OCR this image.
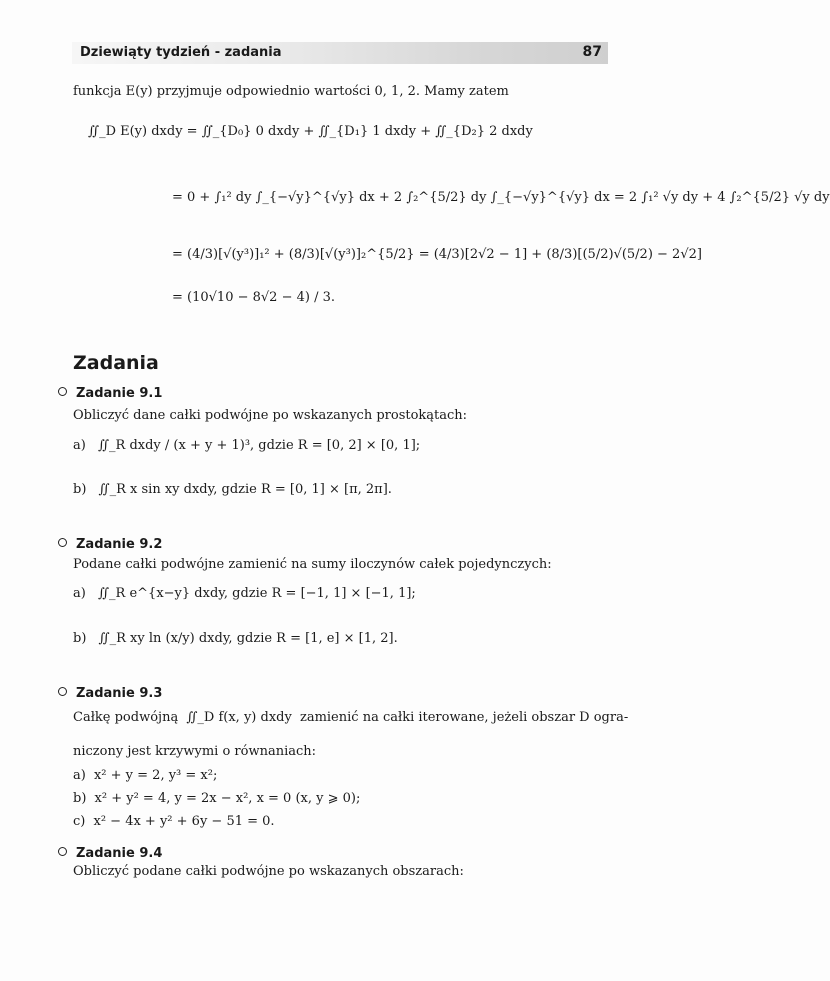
Dziewiąty tydzień - zadania	87
funkcja E(y) przyjmuje odpowiednio wartości 0, 1, 2. Mamy zatem
∬_D E(y) dxdy = ∬_{D₀} 0 dxdy + ∬_{D₁} 1 dxdy + ∬_{D₂} 2 dxdy
= 0 + ∫₁² dy ∫_{−√y}^{√y} dx + 2 ∫₂^{5/2} dy ∫_{−√y}^{√y} dx = 2 ∫₁² √y dy + 4 ∫₂^{5/2} √y dy
= (4/3)[√(y³)]₁² + (8/3)[√(y³)]₂^{5/2} = (4/3)[2√2 − 1] + (8/3)[(5/2)√(5/2) − 2√2]
= (10√10 − 8√2 − 4) / 3.
Zadania
Zadanie 9.1
Obliczyć dane całki podwójne po wskazanych prostokątach:
a) ∬_R dxdy / (x + y + 1)³, gdzie R = [0, 2] × [0, 1];
b) ∬_R x sin xy dxdy, gdzie R = [0, 1] × [π, 2π].
Zadanie 9.2
Podane całki podwójne zamienić na sumy iloczynów całek pojedynczych:
a) ∬_R e^{x−y} dxdy, gdzie R = [−1, 1] × [−1, 1];
b) ∬_R xy ln (x/y) dxdy, gdzie R = [1, e] × [1, 2].
Zadanie 9.3
Całkę podwójną ∬_D f(x, y) dxdy zamienić na całki iterowane, jeżeli obszar D ogra-
niczony jest krzywymi o równaniach:
a) x² + y = 2, y³ = x²;
b) x² + y² = 4, y = 2x − x², x = 0 (x, y ⩾ 0);
c) x² − 4x + y² + 6y − 51 = 0.
Zadanie 9.4
Obliczyć podane całki podwójne po wskazanych obszarach:
